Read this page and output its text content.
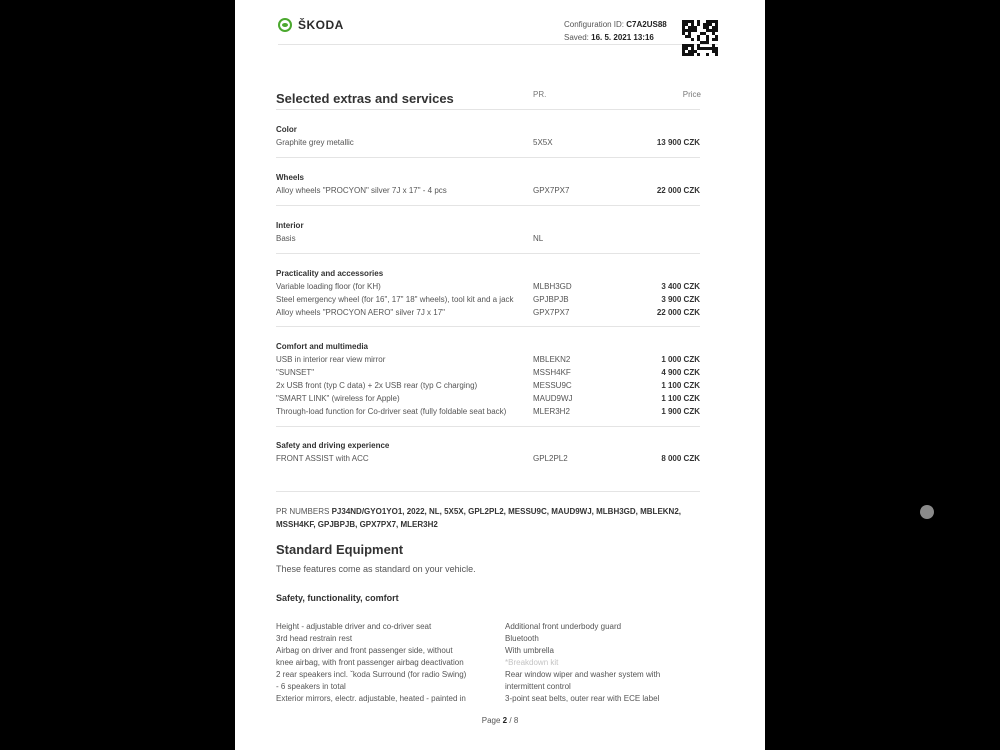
ŠKODA	Configuration ID: C7A2US88
Saved: 16. 5. 2021 13:16
Selected extras and services	PR.	Price
PR NUMBERS PJ34ND/GYO1YO1, 2022, NL, 5X5X, GPL2PL2, MESSU9C, MAUD9WJ, MLBH3GD, MBLEKN2, MSSH4KF, GPJBPJB, GPX7PX7, MLER3H2
Standard Equipment
These features come as standard on your vehicle.
Safety, functionality, comfort
Height - adjustable driver and co-driver seat
3rd head restrain rest
Airbag on driver and front passenger side, without
knee airbag, with front passenger airbag deactivation
2 rear speakers incl. ˇkoda Surround (for radio Swing)
- 6 speakers in total
Exterior mirrors, electr. adjustable, heated - painted in
Additional front underbody guard
Bluetooth
With umbrella
*Breakdown kit
Rear window wiper and washer system with
intermittent control
3-point seat belts, outer rear with ECE label
Page 2 / 8
Color
Graphite grey metallic	5X5X	13 900 CZK
Wheels
Alloy wheels "PROCYON" silver 7J x 17" - 4 pcs	GPX7PX7	22 000 CZK
Interior
Basis	NL
Practicality and accessories
Variable loading floor (for KH)	MLBH3GD	3 400 CZK
Steel emergency wheel (for 16", 17" 18" wheels), tool kit and a jack GPJBPJB	3 900 CZK
Alloy wheels "PROCYON AERO" silver 7J x 17"	GPX7PX7	22 000 CZK
Comfort and multimedia
USB in interior rear view mirror	MBLEKN2	1 000 CZK
"SUNSET"	MSSH4KF	4 900 CZK
2x USB front (typ C data) + 2x USB rear (typ C charging)	MESSU9C	1 100 CZK
"SMART LINK" (wireless for Apple)	MAUD9WJ	1 100 CZK
Through-load function for Co-driver seat (fully foldable seat back)	MLER3H2	1 900 CZK
Safety and driving experience
FRONT ASSIST with ACC	GPL2PL2	8 000 CZK
